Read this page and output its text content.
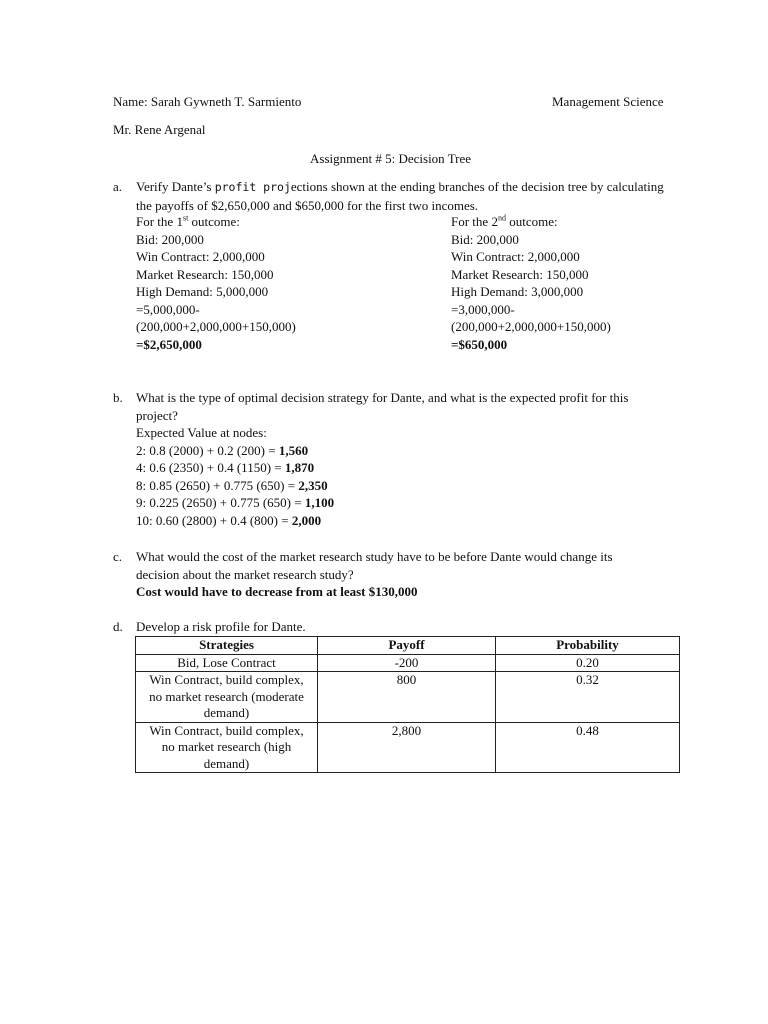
Name: Sarah Gywneth T. Sarmiento	Management Science
Mr. Rene Argenal
Assignment # 5: Decision Tree
a. Verify Dante’s profit projections shown at the ending branches of the decision tree by calculating
the payoffs of $2,650,000 and $650,000 for the first two incomes.
For the 1st outcome:
Bid: 200,000
Win Contract: 2,000,000
Market Research: 150,000
High Demand: 5,000,000
=5,000,000-
(200,000+2,000,000+150,000)
=$2,650,000
For the 2nd outcome:
Bid: 200,000
Win Contract: 2,000,000
Market Research: 150,000
High Demand: 3,000,000
=3,000,000-
(200,000+2,000,000+150,000)
=$650,000
b. What is the type of optimal decision strategy for Dante, and what is the expected profit for this
project?
Expected Value at nodes:
2: 0.8 (2000) + 0.2 (200) = 1,560
4: 0.6 (2350) + 0.4 (1150) = 1,870
8: 0.85 (2650) + 0.775 (650) = 2,350
9: 0.225 (2650) + 0.775 (650) = 1,100
10: 0.60 (2800) + 0.4 (800) = 2,000
c. What would the cost of the market research study have to be before Dante would change its
decision about the market research study?
Cost would have to decrease from at least $130,000
d. Develop a risk profile for Dante.
Strategies	Payoff	Probability
Bid, Lose Contract	-200	0.20
Win Contract, build complex,
no market research (moderate
demand)	800	0.32
Win Contract, build complex,
no market research (high
demand)	2,800	0.48
